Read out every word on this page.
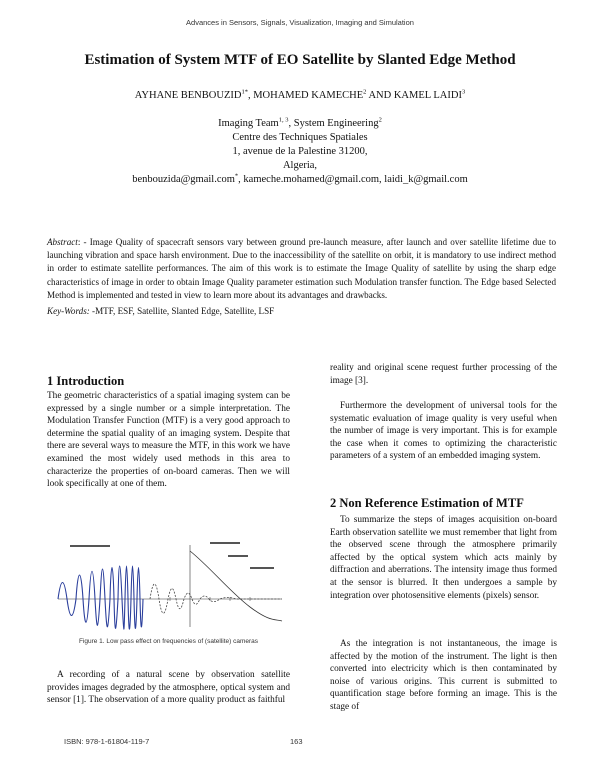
Advances in Sensors, Signals, Visualization, Imaging and Simulation
Estimation of System MTF of EO Satellite by Slanted Edge Method
AYHANE $BENBOUZID^{1*}$, MOHAMED KAMECHE$^2$ AND KAMEL LAIDI$^3$
Imaging Team$^{1, 3}$, System Engineering$^2$
Centre des Techniques Spatiales
1, avenue de la Palestine 31200,
Algeria,
benbouzida@gmail.com*, kameche.mohamed@gmail.com, laidi_k@gmail.com
Abstract: - Image Quality of spacecraft sensors vary between ground pre-launch measure, after launch and over satellite lifetime due to launching vibration and space harsh environment. Due to the inaccessibility of the satellite on orbit, it is mandatory to use indirect method in order to estimate satellite performances. The aim of this work is to estimate the Image Quality of satellite by using the sharp edge characteristics of image in order to obtain Image Quality parameter estimation such Modulation transfer function. The Edge based Selected Method is implemented and tested in view to learn more about its advantages and drawbacks.
Key-Words: -MTF, ESF, Satellite, Slanted Edge, Satellite, LSF
1 Introduction
The geometric characteristics of a spatial imaging system can be expressed by a single number or a simple interpretation. The Modulation Transfer Function (MTF) is a very good approach to determine the spatial quality of an imaging system. Despite that there are several ways to measure the MTF, in this work we have examined the most widely used methods in this area to characterize the properties of on-board cameras. Then we will look specifically at one of them.
Figure 1. Low pass effect on frequencies of (satellite) cameras
A recording of a natural scene by observation satellite provides images degraded by the atmosphere, optical system and sensor [1]. The observation of a more quality product as faithful
reality and original scene request further processing of the image [3].
Furthermore the development of universal tools for the systematic evaluation of image quality is very useful when the number of image is very important. This is for example the case when it comes to optimizing the characteristic parameters of a system of an embedded imaging system.
2 Non Reference Estimation of MTF
To summarize the steps of images acquisition on-board Earth observation satellite we must remember that light from the observed scene through the atmosphere primarily affected by the optical system which acts mainly by diffraction and aberrations. The intensity image thus formed at the sensor is blurred. It then undergoes a sample by integration over photosensitive elements (pixels) sensor.
As the integration is not instantaneous, the image is affected by the motion of the instrument. The light is then converted into electricity which is then contaminated by noise of various origins. This current is submitted to quantification stage before forming an image. This is the stage of
ISBN: 978-1-61804-119-7	163
